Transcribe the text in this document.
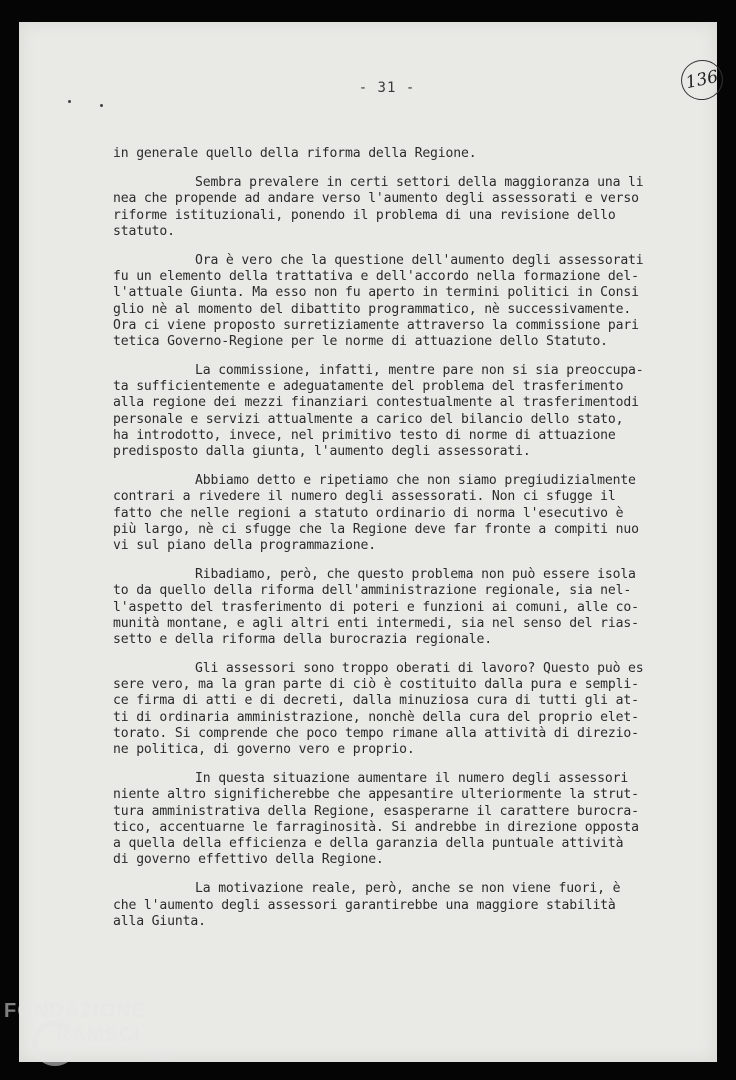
- 31 -	136
in generale quello della riforma della Regione.
Sembra prevalere in certi settori della maggioranza una li
nea che propende ad andare verso l'aumento degli assessorati e verso
riforme istituzionali, ponendo il problema di una revisione dello
statuto.
Ora è vero che la questione dell'aumento degli assessorati
fu un elemento della trattativa e dell'accordo nella formazione del-
l'attuale Giunta. Ma esso non fu aperto in termini politici in Consi
glio nè al momento del dibattito programmatico, nè successivamente.
Ora ci viene proposto surretiziamente attraverso la commissione pari
tetica Governo-Regione per le norme di attuazione dello Statuto.
La commissione, infatti, mentre pare non si sia preoccupa-
ta sufficientemente e adeguatamente del problema del trasferimento
alla regione dei mezzi finanziari contestualmente al trasferimentodi
personale e servizi attualmente a carico del bilancio dello stato,
ha introdotto, invece, nel primitivo testo di norme di attuazione
predisposto dalla giunta, l'aumento degli assessorati.
Abbiamo detto e ripetiamo che non siamo pregiudizialmente
contrari a rivedere il numero degli assessorati. Non ci sfugge il
fatto che nelle regioni a statuto ordinario di norma l'esecutivo è
più largo, nè ci sfugge che la Regione deve far fronte a compiti nuo
vi sul piano della programmazione.
Ribadiamo, però, che questo problema non può essere isola
to da quello della riforma dell'amministrazione regionale, sia nel-
l'aspetto del trasferimento di poteri e funzioni ai comuni, alle co-
munità montane, e agli altri enti intermedi, sia nel senso del rias-
setto e della riforma della burocrazia regionale.
Gli assessori sono troppo oberati di lavoro? Questo può es
sere vero, ma la gran parte di ciò è costituito dalla pura e sempli-
ce firma di atti e di decreti, dalla minuziosa cura di tutti gli at-
ti di ordinaria amministrazione, nonchè della cura del proprio elet-
torato. Si comprende che poco tempo rimane alla attività di direzio-
ne politica, di governo vero e proprio.
In questa situazione aumentare il numero degli assessori
niente altro significherebbe che appesantire ulteriormente la strut-
tura amministrativa della Regione, esasperarne il carattere burocra-
tico, accentuarne le farraginosità. Si andrebbe in direzione opposta
a quella della efficienza e della garanzia della puntuale attività
di governo effettivo della Regione.
La motivazione reale, però, anche se non viene fuori, è
che l'aumento degli assessori garantirebbe una maggiore stabilità
alla Giunta.
FONDAZIONE
RAMSCI
onlus
